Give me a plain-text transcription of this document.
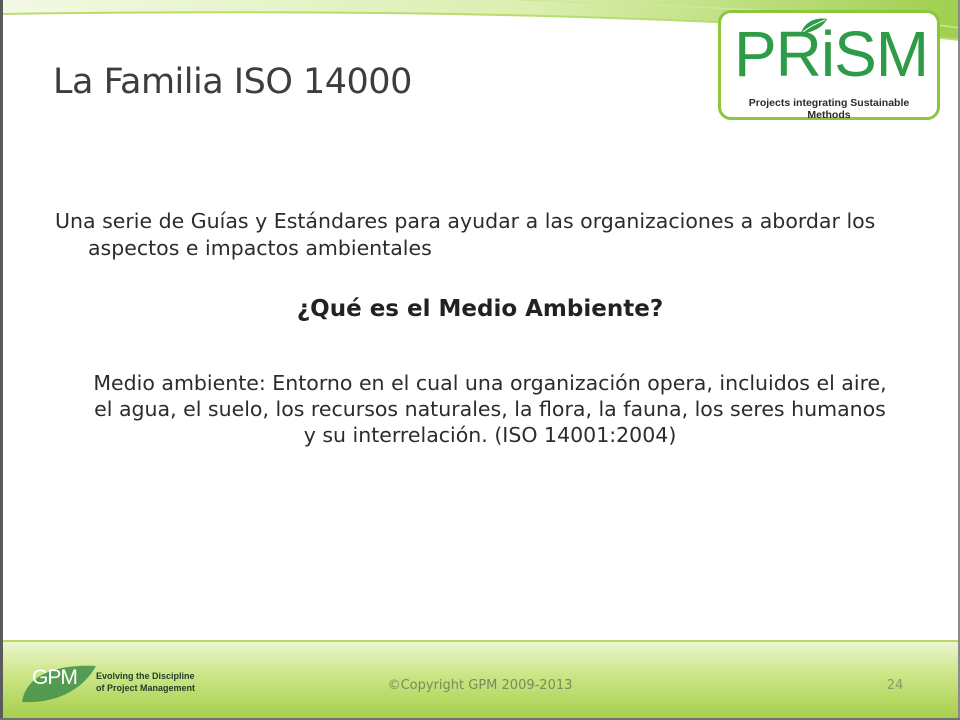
La Familia ISO 14000	PRiSM
Projects integrating Sustainable Methods

Una serie de Guías y Estándares para ayudar a las organizaciones a abordar los aspectos e impactos ambientales

¿Qué es el Medio Ambiente?

Medio ambiente: Entorno en el cual una organización opera, incluidos el aire, el agua, el suelo, los recursos naturales, la flora, la fauna, los seres humanos y su interrelación. (ISO 14001:2004)

GPM Evolving the Discipline
of Project Management	©Copyright GPM 2009-2013	24
